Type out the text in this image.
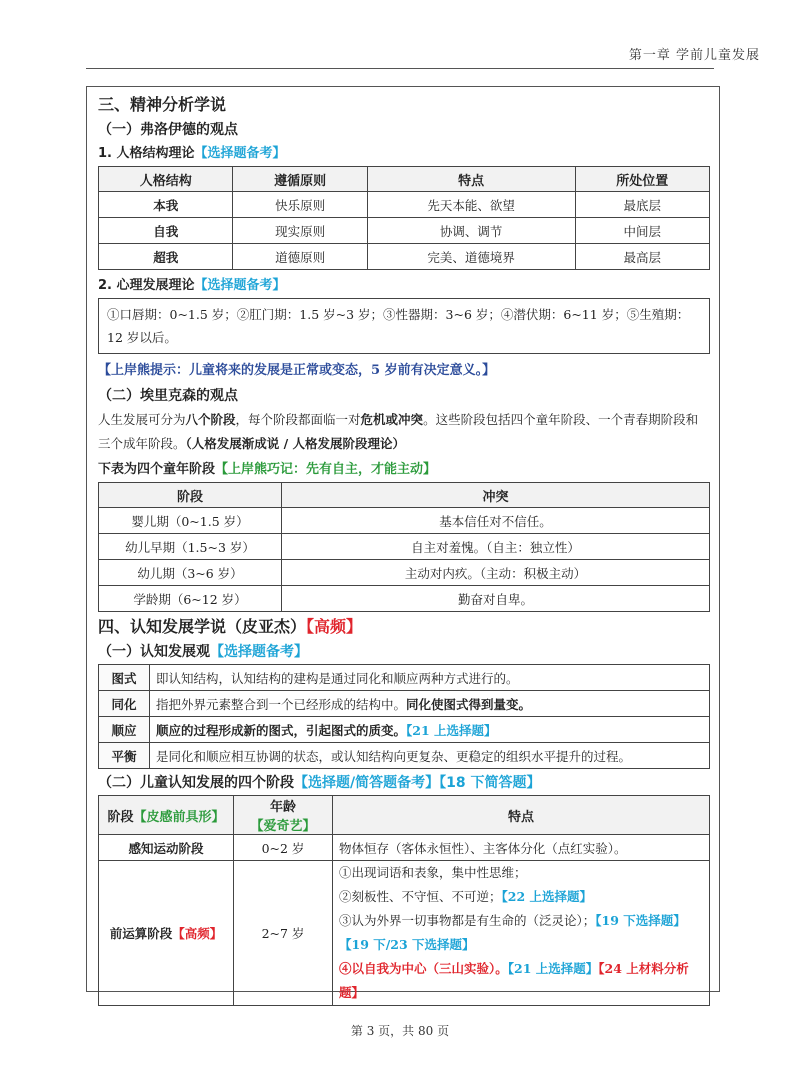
第一章 学前儿童发展
三、精神分析学说
（一）弗洛伊德的观点
1. 人格结构理论【选择题备考】
人格结构	遵循原则	特点	所处位置
本我	快乐原则	先天本能、欲望	最底层
自我	现实原则	协调、调节	中间层
超我	道德原则	完美、道德境界	最高层
2. 心理发展理论【选择题备考】
①口唇期：0~1.5 岁；②肛门期：1.5 岁~3 岁；③性器期：3~6 岁；④潜伏期：6~11 岁；⑤生殖期：12 岁以后。
【上岸熊提示：儿童将来的发展是正常或变态，5 岁前有决定意义。】
（二）埃里克森的观点
人生发展可分为八个阶段，每个阶段都面临一对危机或冲突。这些阶段包括四个童年阶段、一个青春期阶段和三个成年阶段。（人格发展渐成说 / 人格发展阶段理论）
下表为四个童年阶段【上岸熊巧记：先有自主，才能主动】
阶段	冲突
婴儿期（0~1.5 岁）	基本信任对不信任。
幼儿早期（1.5~3 岁）	自主对羞愧。（自主：独立性）
幼儿期（3~6 岁）	主动对内疚。（主动：积极主动）
学龄期（6~12 岁）	勤奋对自卑。
四、认知发展学说（皮亚杰）【高频】
（一）认知发展观【选择题备考】
图式	即认知结构，认知结构的建构是通过同化和顺应两种方式进行的。
同化	指把外界元素整合到一个已经形成的结构中。同化使图式得到量变。
顺应	顺应的过程形成新的图式，引起图式的质变。【21 上选择题】
平衡	是同化和顺应相互协调的状态，或认知结构向更复杂、更稳定的组织水平提升的过程。
（二）儿童认知发展的四个阶段【选择题/简答题备考】【18 下简答题】
阶段【皮感前具形】	年龄【爱奇艺】	特点
感知运动阶段	0~2 岁	物体恒存（客体永恒性）、主客体分化（点红实验）。
前运算阶段【高频】	2~7 岁	①出现词语和表象，集中性思维；
②刻板性、不守恒、不可逆；【22 上选择题】
③认为外界一切事物都是有生命的（泛灵论）；【19 下选择题】
【19 下/23 下选择题】
④以自我为中心（三山实验）。【21 上选择题】【24 上材料分析题】
第 3 页，共 80 页
